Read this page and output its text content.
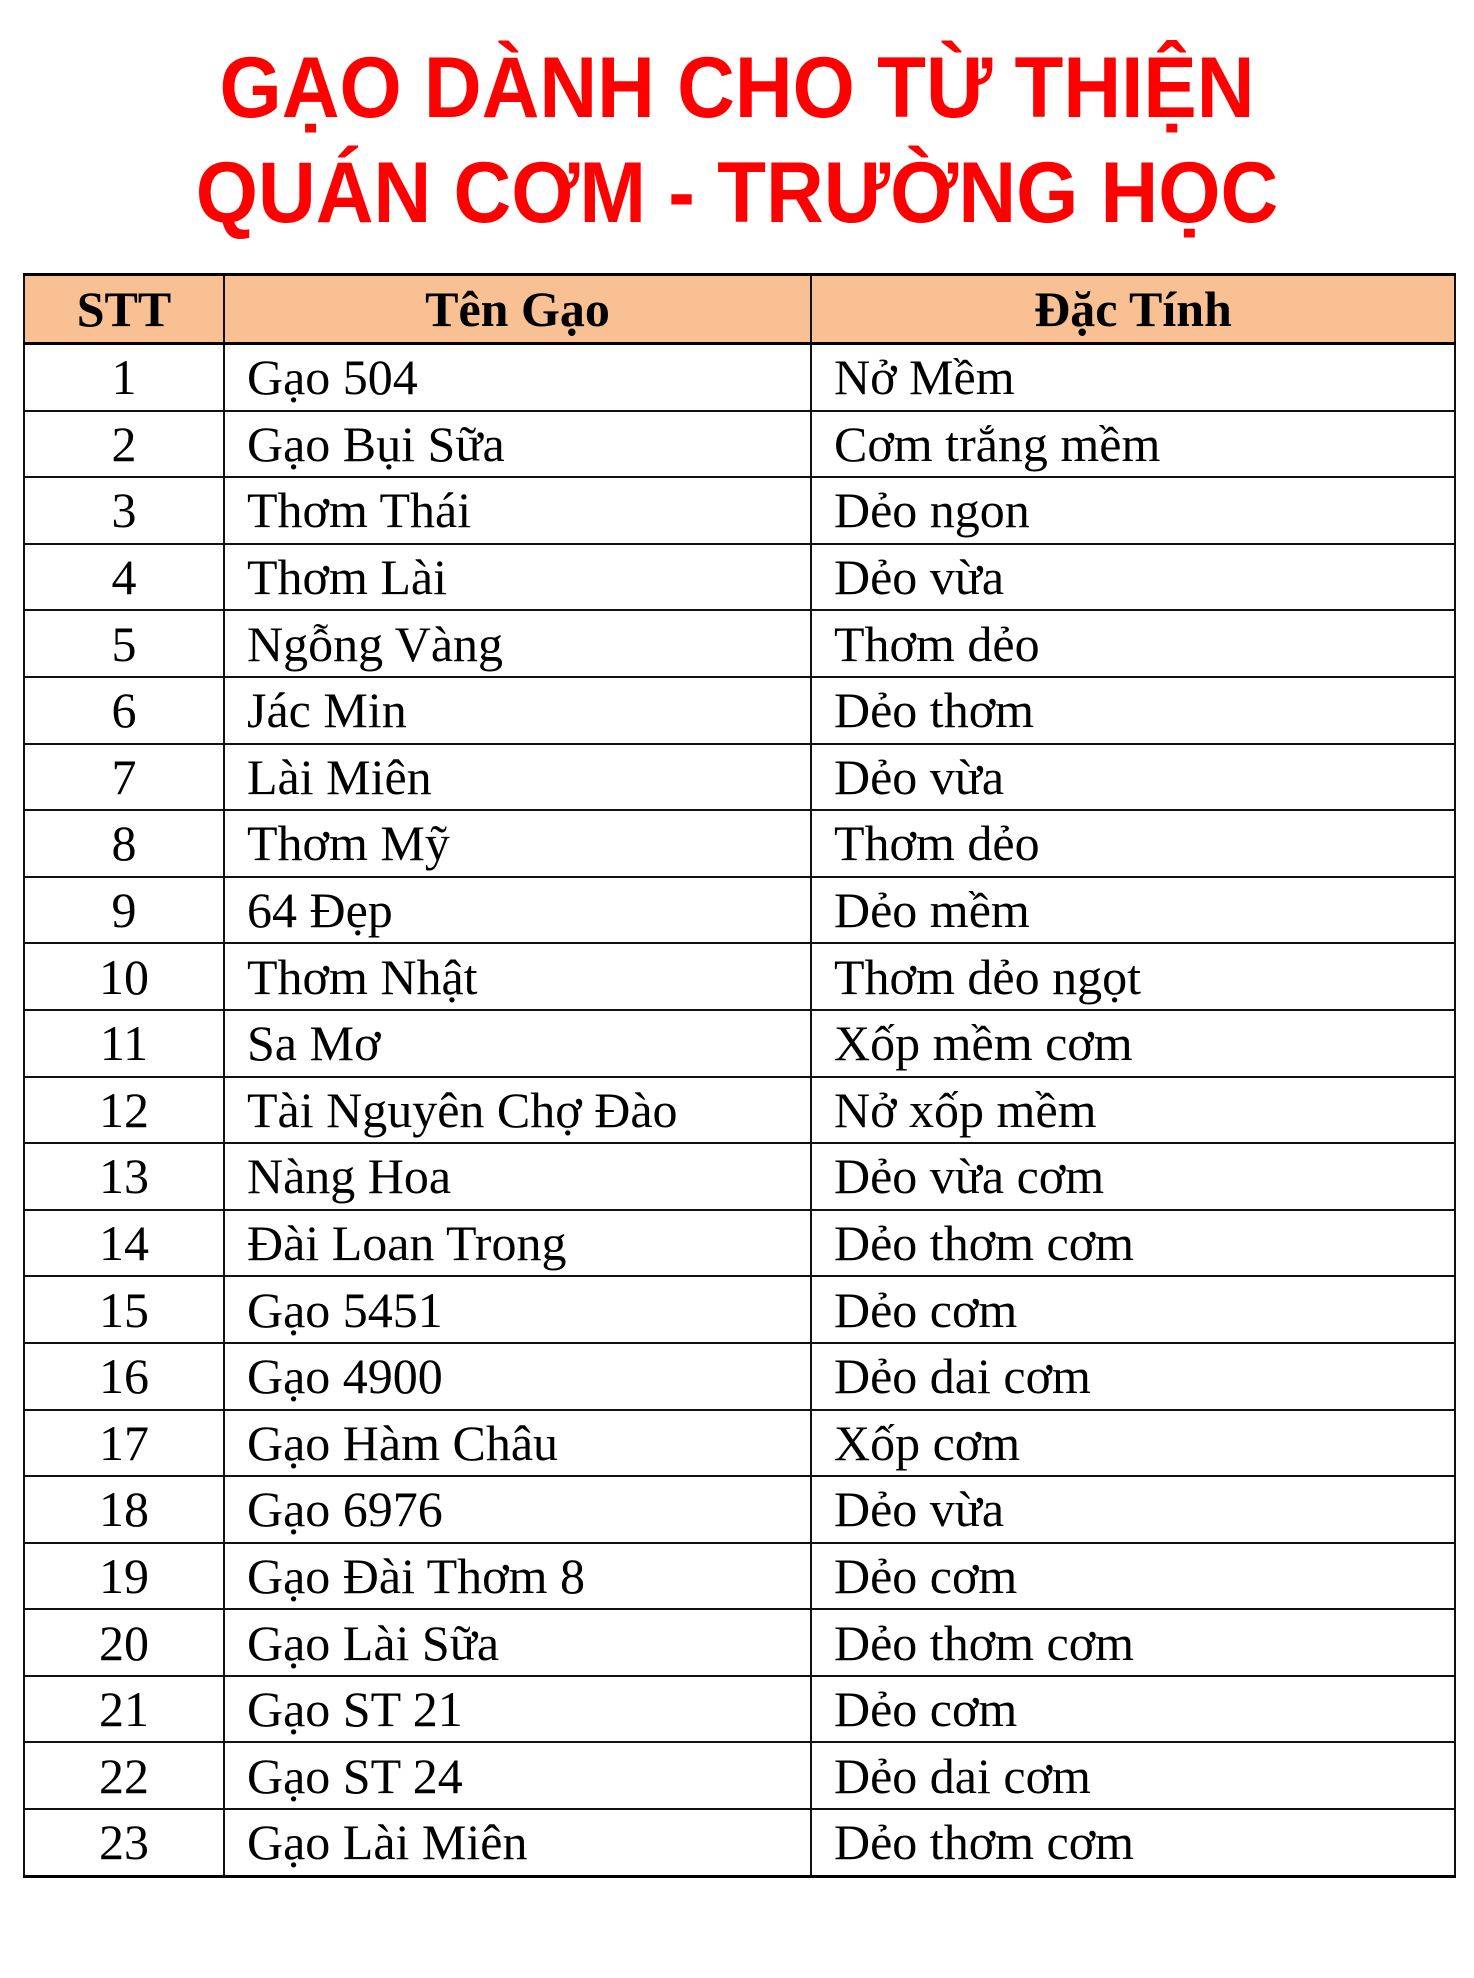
GẠO DÀNH CHO TỪ THIỆN
QUÁN CƠM - TRƯỜNG HỌC
STT	Tên Gạo	Đặc Tính
1	Gạo 504	Nở Mềm
2	Gạo Bụi Sữa	Cơm trắng mềm
3	Thơm Thái	Dẻo ngon
4	Thơm Lài	Dẻo vừa
5	Ngỗng Vàng	Thơm dẻo
6	Jác Min	Dẻo thơm
7	Lài Miên	Dẻo vừa
8	Thơm Mỹ	Thơm dẻo
9	64 Đẹp	Dẻo mềm
10	Thơm Nhật	Thơm dẻo ngọt
11	Sa Mơ	Xốp mềm cơm
12	Tài Nguyên Chợ Đào	Nở xốp mềm
13	Nàng Hoa	Dẻo vừa cơm
14	Đài Loan Trong	Dẻo thơm cơm
15	Gạo 5451	Dẻo cơm
16	Gạo 4900	Dẻo dai cơm
17	Gạo Hàm Châu	Xốp cơm
18	Gạo 6976	Dẻo vừa
19	Gạo Đài Thơm 8	Dẻo cơm
20	Gạo Lài Sữa	Dẻo thơm cơm
21	Gạo ST 21	Dẻo cơm
22	Gạo ST 24	Dẻo dai cơm
23	Gạo Lài Miên	Dẻo thơm cơm
